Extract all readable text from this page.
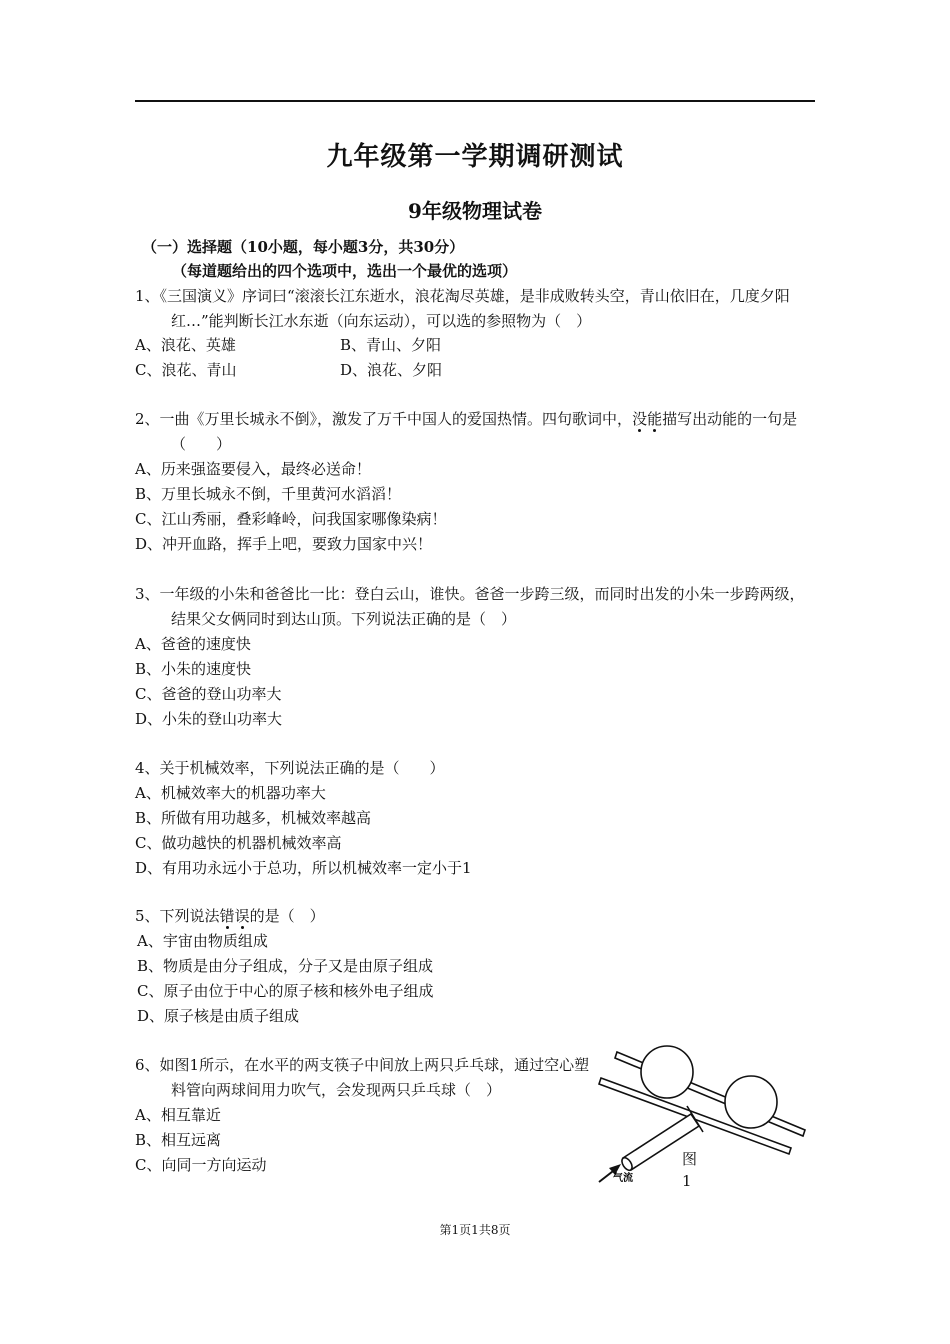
九年级第一学期调研测试
9年级物理试卷
（一）选择题（10小题，每小题3分，共30分）
（每道题给出的四个选项中，选出一个最优的选项）
1、《三国演义》序词曰“滚滚长江东逝水，浪花淘尽英雄，是非成败转头空，青山依旧在，几度夕阳红…”能判断长江水东逝（向东运动），可以选的参照物为（　）
A、浪花、英雄	B、青山、夕阳
C、浪花、青山	D、浪花、夕阳
2、一曲《万里长城永不倒》，激发了万千中国人的爱国热情。四句歌词中，没能描写出动能的一句是（　　）
A、历来强盗要侵入，最终必送命！
B、万里长城永不倒，千里黄河水滔滔！
C、江山秀丽，叠彩峰岭，问我国家哪像染病！
D、冲开血路，挥手上吧，要致力国家中兴！
3、一年级的小朱和爸爸比一比：登白云山，谁快。爸爸一步跨三级，而同时出发的小朱一步跨两级，结果父女俩同时到达山顶。下列说法正确的是（　）
A、爸爸的速度快
B、小朱的速度快
C、爸爸的登山功率大
D、小朱的登山功率大
4、关于机械效率，下列说法正确的是（　　）
A、机械效率大的机器功率大
B、所做有用功越多，机械效率越高
C、做功越快的机器机械效率高
D、有用功永远小于总功，所以机械效率一定小于1
5、下列说法错误的是（　）
A、宇宙由物质组成
B、物质是由分子组成，分子又是由原子组成
C、原子由位于中心的原子核和核外电子组成
D、原子核是由质子组成
6、如图1所示，在水平的两支筷子中间放上两只乒乓球，通过空心塑料管向两球间用力吹气，会发现两只乒乓球（　）
A、相互靠近
B、相互远离
C、向同一方向运动
气流
图
1
第1页1共8页
